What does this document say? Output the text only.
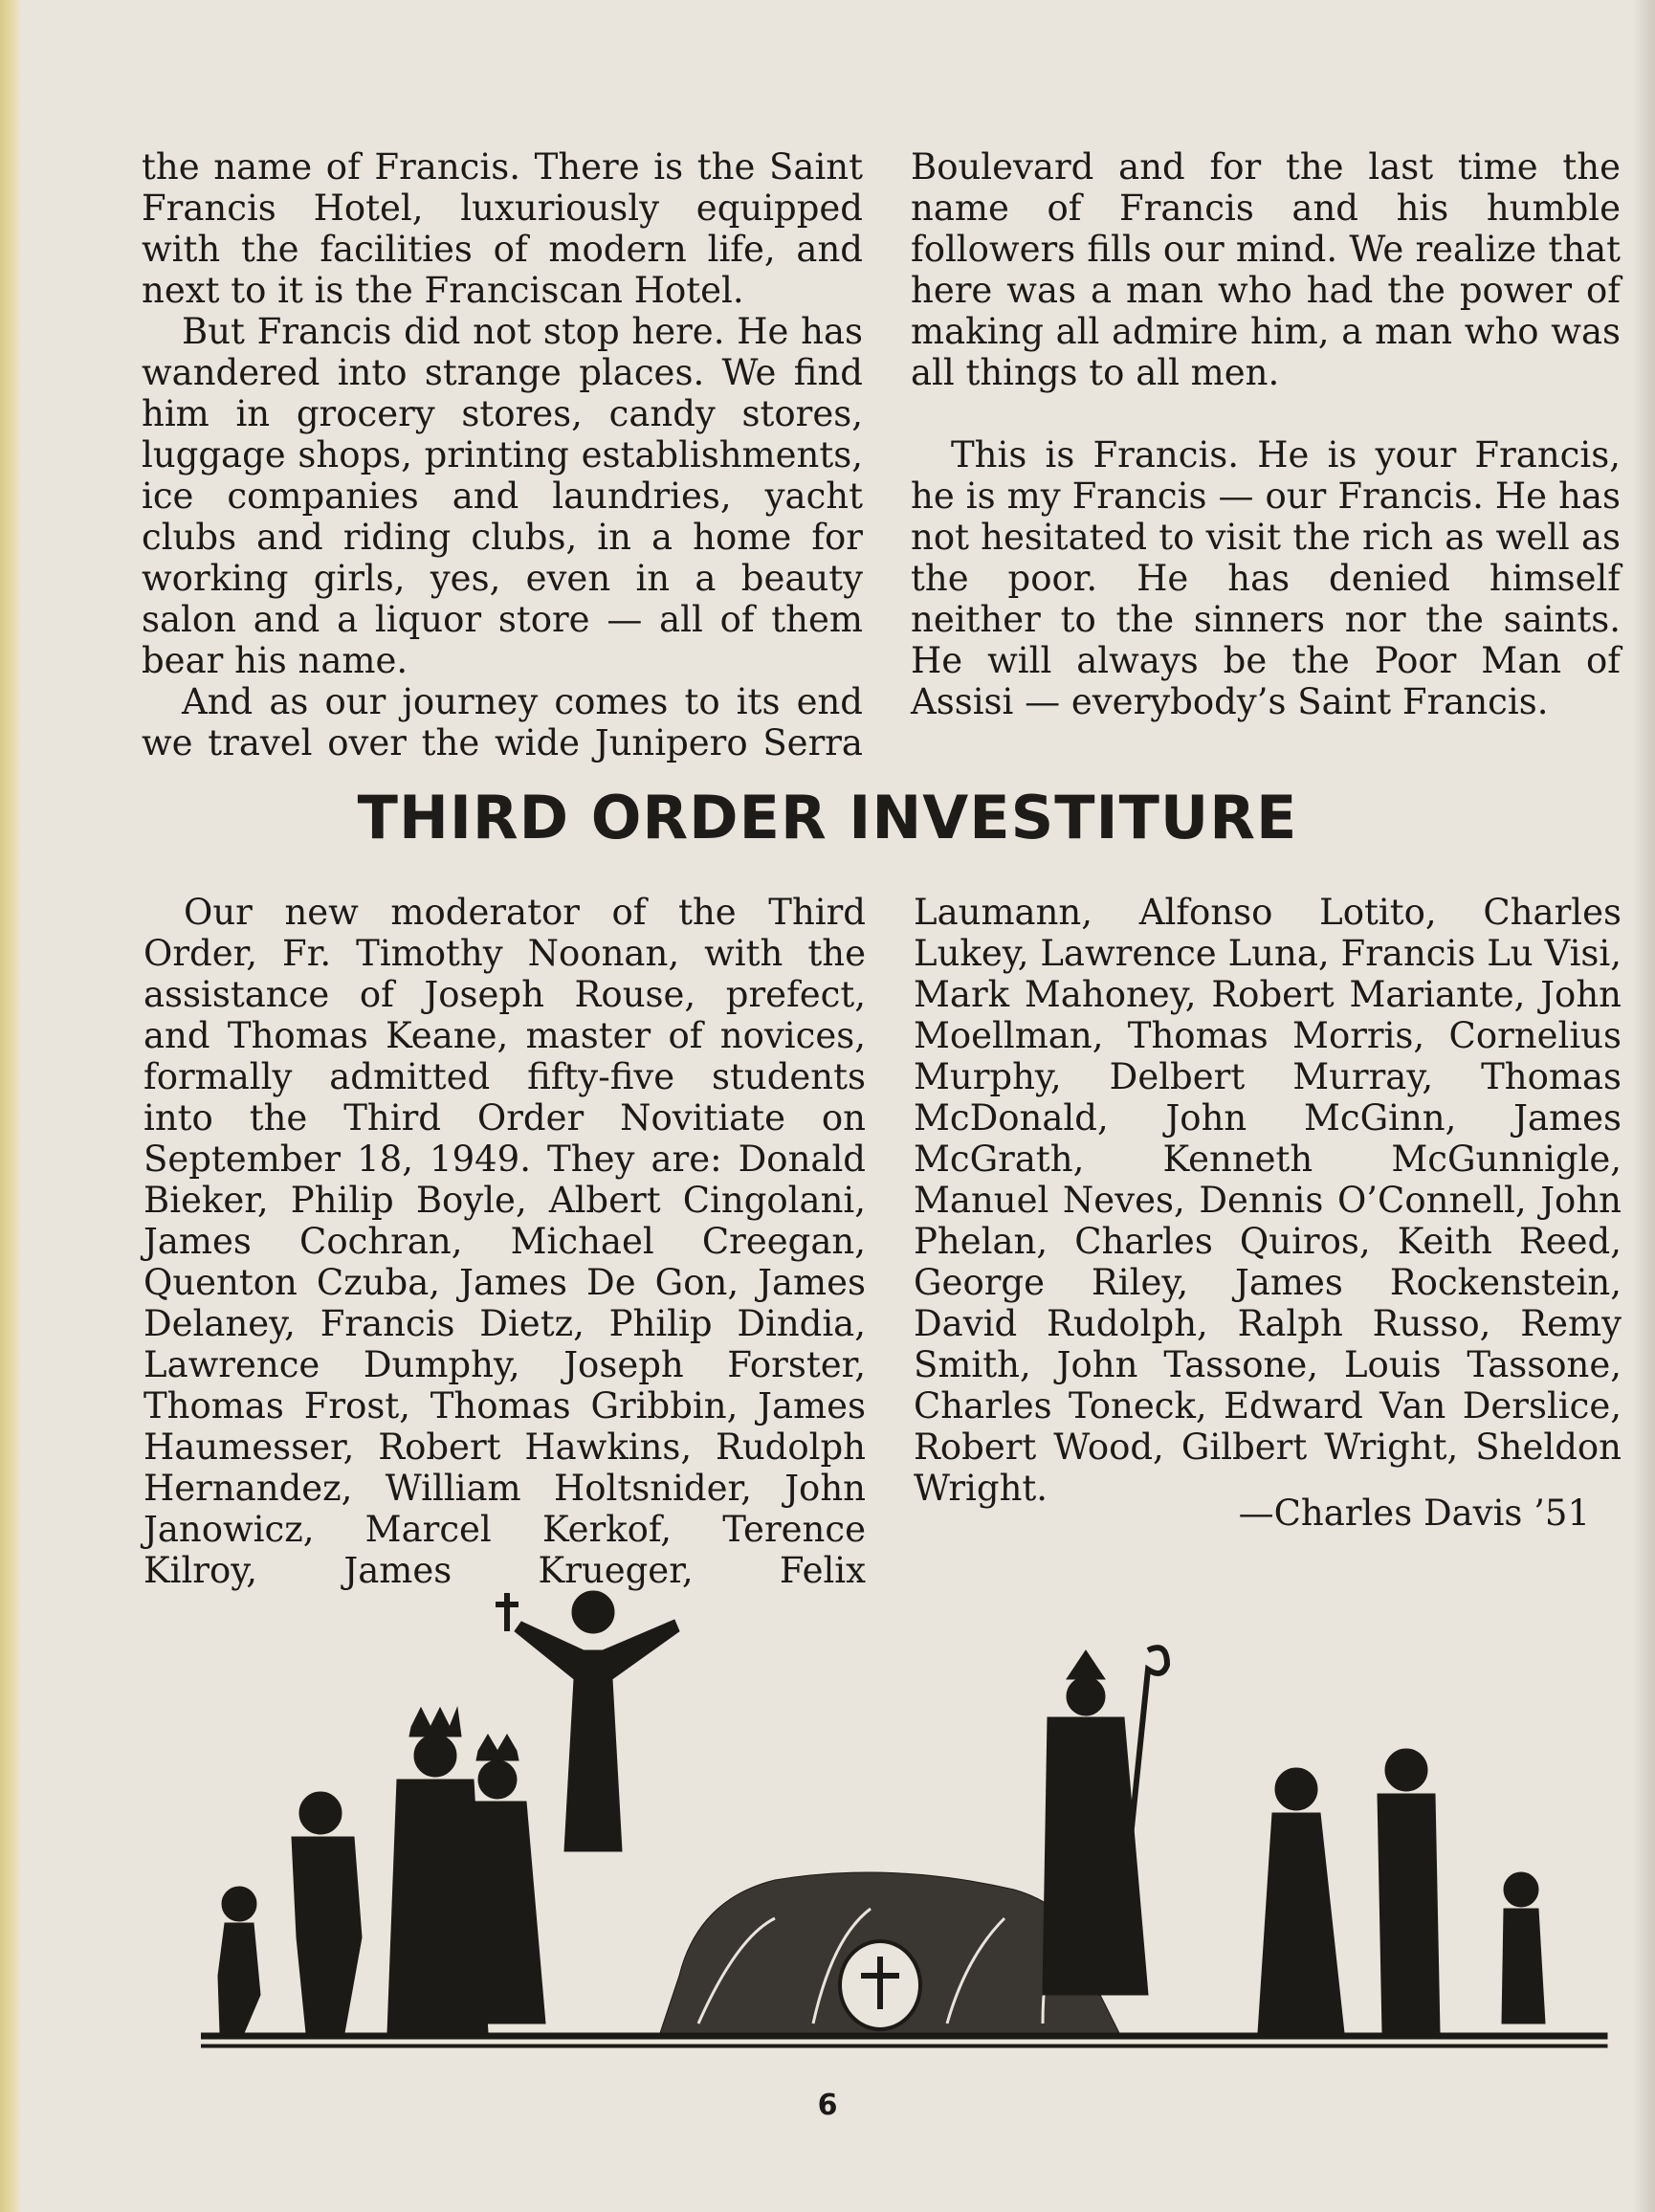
the name of Francis. There is the Saint Francis Hotel, luxuriously equipped with the facilities of modern life, and next to it is the Franciscan Hotel.

But Francis did not stop here. He has wandered into strange places. We find him in grocery stores, candy stores, luggage shops, printing establishments, ice companies and laundries, yacht clubs and riding clubs, in a home for working girls, yes, even in a beauty salon and a liquor store — all of them bear his name.

And as our journey comes to its end we travel over the wide Junipero Serra

Boulevard and for the last time the name of Francis and his humble followers fills our mind. We realize that here was a man who had the power of making all admire him, a man who was all things to all men.

This is Francis. He is your Francis, he is my Francis — our Francis. He has not hesitated to visit the rich as well as the poor. He has denied himself neither to the sinners nor the saints. He will always be the Poor Man of Assisi — everybody’s Saint Francis.

THIRD ORDER INVESTITURE

Our new moderator of the Third Order, Fr. Timothy Noonan, with the assistance of Joseph Rouse, prefect, and Thomas Keane, master of novices, formally admitted fifty-five students into the Third Order Novitiate on September 18, 1949. They are: Donald Bieker, Philip Boyle, Albert Cingolani, James Cochran, Michael Creegan, Quenton Czuba, James De Gon, James Delaney, Francis Dietz, Philip Dindia, Lawrence Dumphy, Joseph Forster, Thomas Frost, Thomas Gribbin, James Haumesser, Robert Hawkins, Rudolph Hernandez, William Holtsnider, John Janowicz, Marcel Kerkof, Terence Kilroy, James Krueger, Felix

Laumann, Alfonso Lotito, Charles Lukey, Lawrence Luna, Francis Lu Visi, Mark Mahoney, Robert Mariante, John Moellman, Thomas Morris, Cornelius Murphy, Delbert Murray, Thomas McDonald, John McGinn, James McGrath, Kenneth McGunnigle, Manuel Neves, Dennis O’Connell, John Phelan, Charles Quiros, Keith Reed, George Riley, James Rockenstein, David Rudolph, Ralph Russo, Remy Smith, John Tassone, Louis Tassone, Charles Toneck, Edward Van Derslice, Robert Wood, Gilbert Wright, Sheldon Wright.

—Charles Davis ’51
6
